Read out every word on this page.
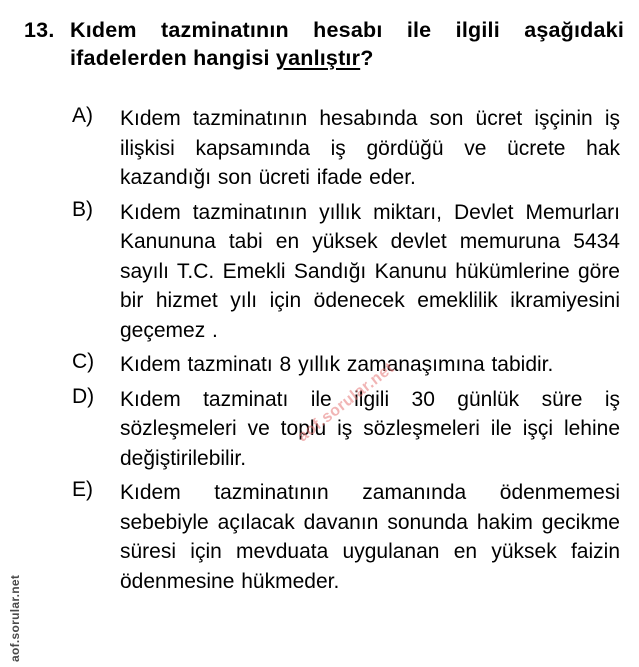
13. Kıdem tazminatının hesabı ile ilgili aşağıdaki ifadelerden hangisi yanlıştır?
A) Kıdem tazminatının hesabında son ücret işçinin iş ilişkisi kapsamında iş gördüğü ve ücrete hak kazandığı son ücreti ifade eder.
B) Kıdem tazminatının yıllık miktarı, Devlet Memurları Kanununa tabi en yüksek devlet memuruna 5434 sayılı T.C. Emekli Sandığı Kanunu hükümlerine göre bir hizmet yılı için ödenecek emeklilik ikramiyesini geçemez .
C) Kıdem tazminatı 8 yıllık zamanaşımına tabidir.
D) Kıdem tazminatı ile ilgili 30 günlük süre iş sözleşmeleri ve toplu iş sözleşmeleri ile işçi lehine değiştirilebilir.
E) Kıdem tazminatının zamanında ödenmemesi sebebiyle açılacak davanın sonunda hakim gecikme süresi için mevduata uygulanan en yüksek faizin ödenmesine hükmeder.
aof.sorular.net
aof.sorular.net
